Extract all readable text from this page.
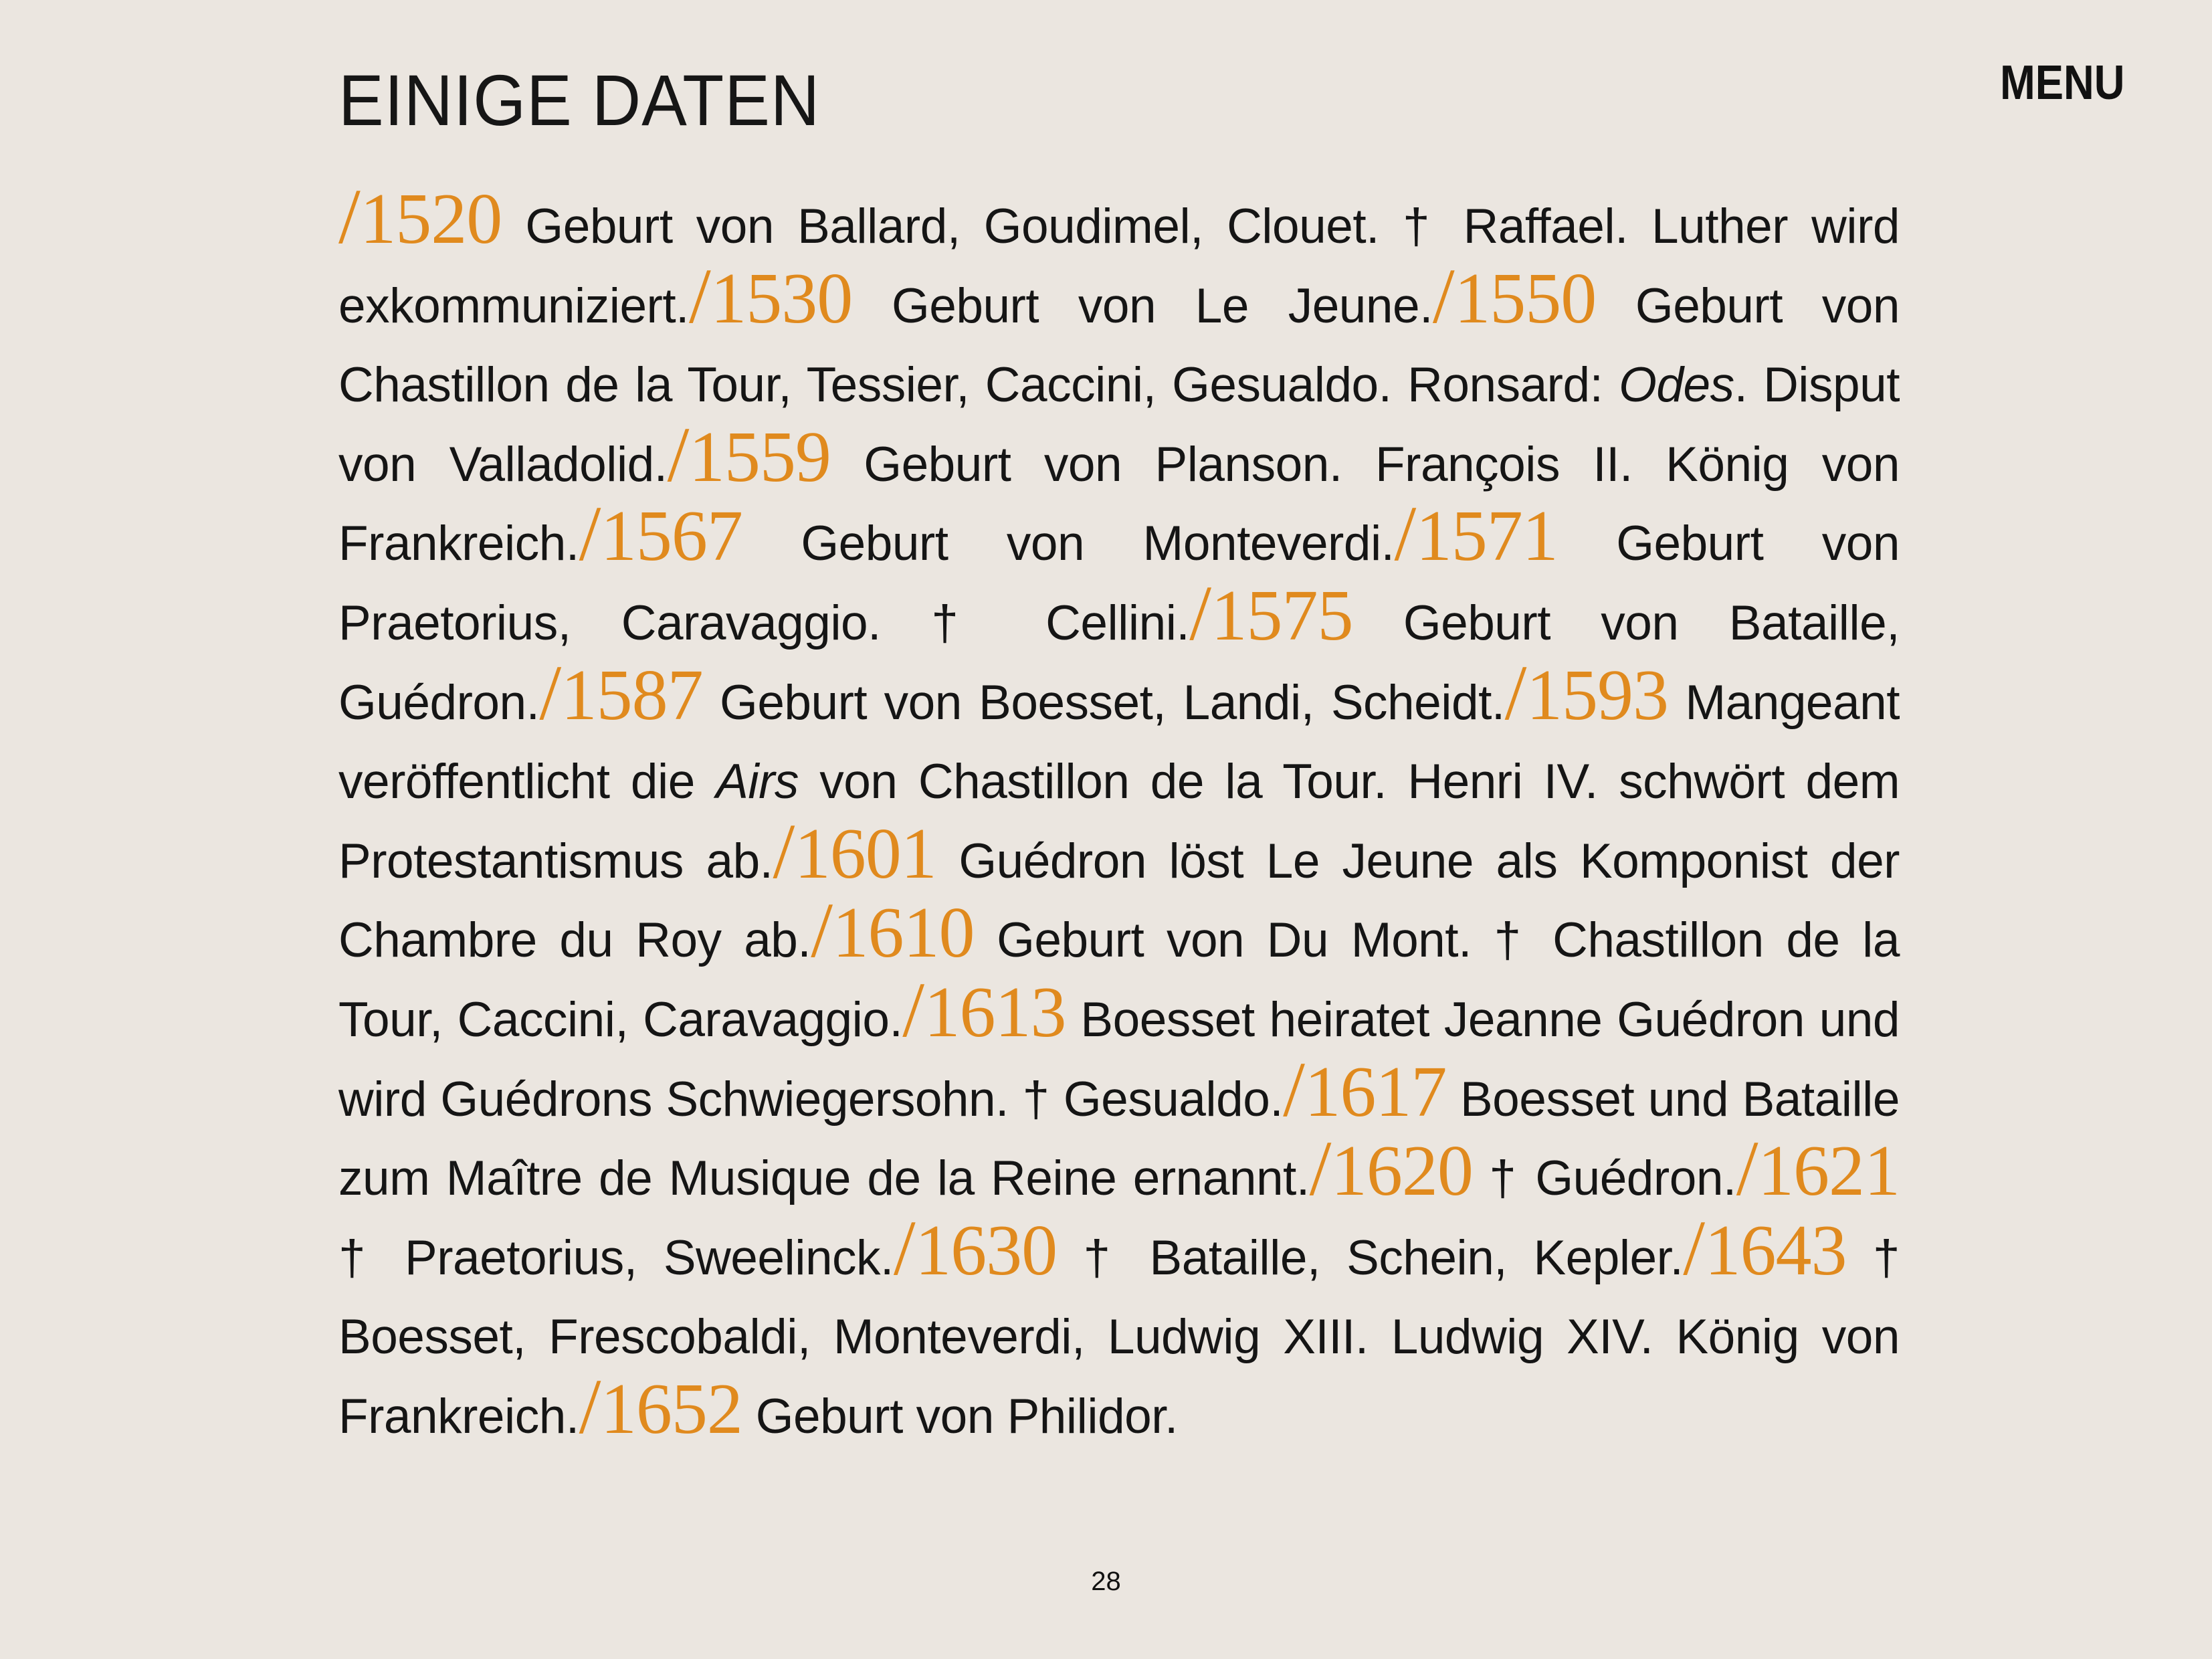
EINIGE DATEN	MENU

/1520 Geburt von Ballard, Goudimel, Clouet. † Raffael. Luther wird exkommuniziert./1530 Geburt von Le Jeune./1550 Geburt von Chastillon de la Tour, Tessier, Caccini, Gesualdo. Ronsard: Odes. Disput von Valladolid./1559 Geburt von Planson. François II. König von Frankreich./1567 Geburt von Monteverdi./1571 Geburt von Praetorius, Caravaggio. † Cellini./1575 Geburt von Bataille, Guédron./1587 Geburt von Boesset, Landi, Scheidt./1593 Mangeant veröffentlicht die Airs von Chastillon de la Tour. Henri IV. schwört dem Protestantismus ab./1601 Guédron löst Le Jeune als Komponist der Chambre du Roy ab./1610 Geburt von Du Mont. † Chastillon de la Tour, Caccini, Caravaggio./1613 Boesset heiratet Jeanne Guédron und wird Guédrons Schwiegersohn. † Gesualdo./1617 Boesset und Bataille zum Maître de Musique de la Reine ernannt./1620 † Guédron./1621 † Praetorius, Sweelinck./1630 † Bataille, Schein, Kepler./1643 † Boesset, Frescobaldi, Monteverdi, Ludwig XIII. Ludwig XIV. König von Frankreich./1652 Geburt von Philidor.

28
